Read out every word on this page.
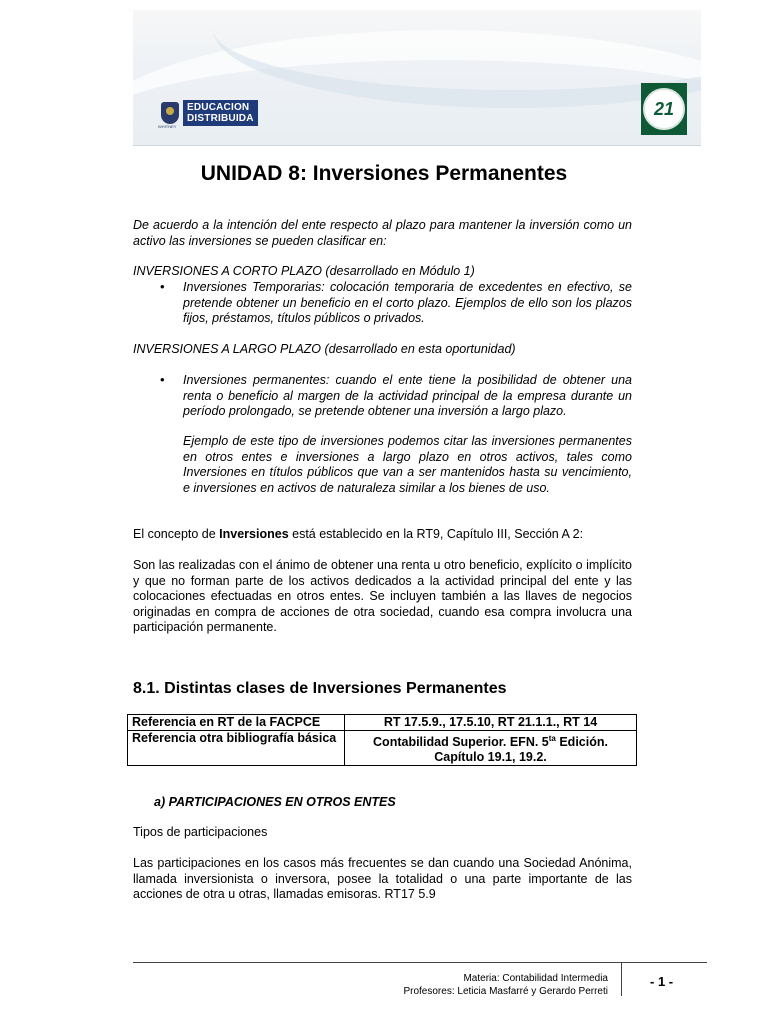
WHITNEY
EDUCACION
DISTRIBUIDA	21
UNIDAD 8: Inversiones Permanentes
De acuerdo a la intención del ente respecto al plazo para mantener la inversión como un activo las inversiones se pueden clasificar en:
INVERSIONES A CORTO PLAZO (desarrollado en Módulo 1)
• Inversiones Temporarias: colocación temporaria de excedentes en efectivo, se pretende obtener un beneficio en el corto plazo. Ejemplos de ello son los plazos fijos, préstamos, títulos públicos o privados.
INVERSIONES A LARGO PLAZO (desarrollado en esta oportunidad)
• Inversiones permanentes: cuando el ente tiene la posibilidad de obtener una renta o beneficio al margen de la actividad principal de la empresa durante un período prolongado, se pretende obtener una inversión a largo plazo.
Ejemplo de este tipo de inversiones podemos citar las inversiones permanentes en otros entes e inversiones a largo plazo en otros activos, tales como Inversiones en títulos públicos que van a ser mantenidos hasta su vencimiento, e inversiones en activos de naturaleza similar a los bienes de uso.
El concepto de Inversiones está establecido en la RT9, Capítulo III, Sección A 2:
Son las realizadas con el ánimo de obtener una renta u otro beneficio, explícito o implícito y que no forman parte de los activos dedicados a la actividad principal del ente y las colocaciones efectuadas en otros entes. Se incluyen también a las llaves de negocios originadas en compra de acciones de otra sociedad, cuando esa compra involucra una participación permanente.
8.1. Distintas clases de Inversiones Permanentes
Referencia en RT de la FACPCE	RT 17.5.9., 17.5.10, RT 21.1.1., RT 14
Referencia otra bibliografía básica	Contabilidad Superior. EFN. $5^{ta}$ Edición.
Capítulo 19.1, 19.2.
a) PARTICIPACIONES EN OTROS ENTES
Tipos de participaciones
Las participaciones en los casos más frecuentes se dan cuando una Sociedad Anónima, llamada inversionista o inversora, posee la totalidad o una parte importante de las acciones de otra u otras, llamadas emisoras. RT17 5.9
Materia: Contabilidad Intermedia
Profesores: Leticia Masfarré y Gerardo Perreti
- 1 -
